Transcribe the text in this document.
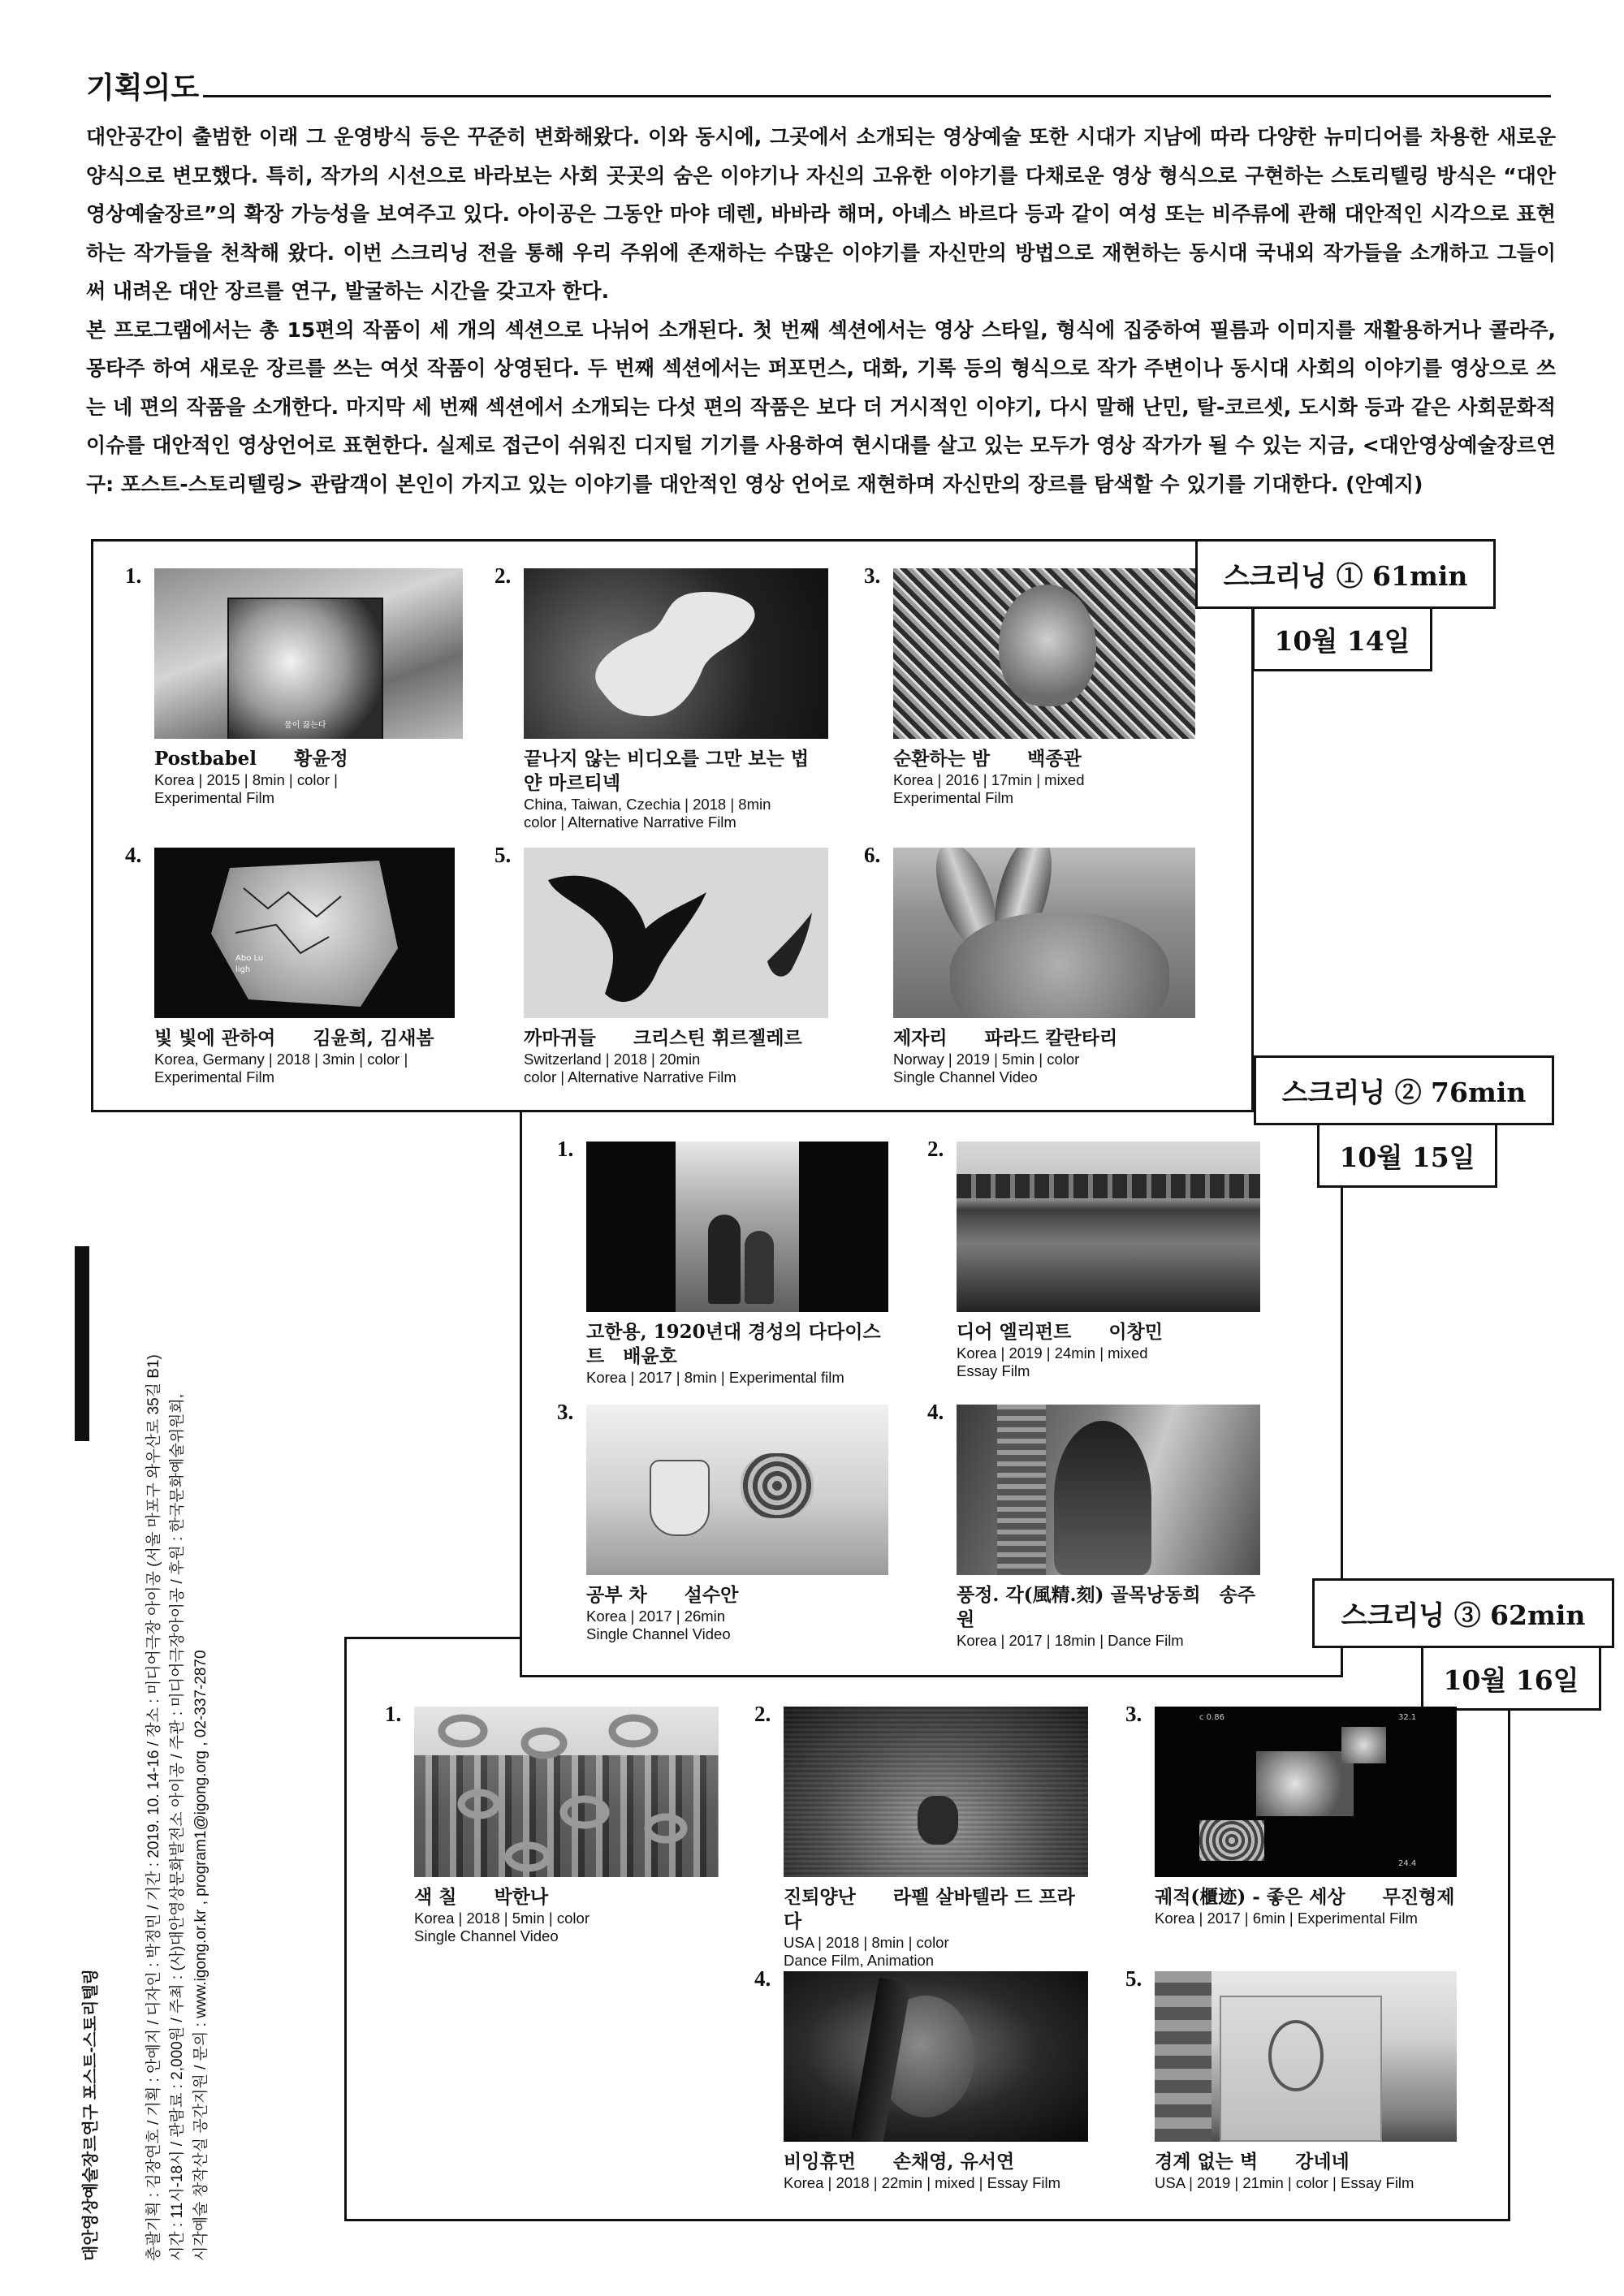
기획의도

대안공간이 출범한 이래 그 운영방식 등은 꾸준히 변화해왔다. 이와 동시에, 그곳에서 소개되는 영상예술 또한 시대가 지남에 따라 다양한 뉴미디어를 차용한 새로운 양식으로 변모했다. 특히, 작가의 시선으로 바라보는 사회 곳곳의 숨은 이야기나 자신의 고유한 이야기를 다채로운 영상 형식으로 구현하는 스토리텔링 방식은 “대안영상예술장르”의 확장 가능성을 보여주고 있다. 아이공은 그동안 마야 데렌, 바바라 해머, 아녜스 바르다 등과 같이 여성 또는 비주류에 관해 대안적인 시각으로 표현하는 작가들을 천착해 왔다. 이번 스크리닝 전을 통해 우리 주위에 존재하는 수많은 이야기를 자신만의 방법으로 재현하는 동시대 국내외 작가들을 소개하고 그들이 써 내려온 대안 장르를 연구, 발굴하는 시간을 갖고자 한다.

본 프로그램에서는 총 15편의 작품이 세 개의 섹션으로 나뉘어 소개된다. 첫 번째 섹션에서는 영상 스타일, 형식에 집중하여 필름과 이미지를 재활용하거나 콜라주, 몽타주 하여 새로운 장르를 쓰는 여섯 작품이 상영된다. 두 번째 섹션에서는 퍼포먼스, 대화, 기록 등의 형식으로 작가 주변이나 동시대 사회의 이야기를 영상으로 쓰는 네 편의 작품을 소개한다. 마지막 세 번째 섹션에서 소개되는 다섯 편의 작품은 보다 더 거시적인 이야기, 다시 말해 난민, 탈-코르셋, 도시화 등과 같은 사회문화적 이슈를 대안적인 영상언어로 표현한다. 실제로 접근이 쉬워진 디지털 기기를 사용하여 현시대를 살고 있는 모두가 영상 작가가 될 수 있는 지금, <대안영상예술장르연구: 포스트-스토리텔링> 관람객이 본인이 가지고 있는 이야기를 대안적인 영상 언어로 재현하며 자신만의 장르를 탐색할 수 있기를 기대한다. (안예지)

스크리닝 ① 61min
10월 14일
스크리닝 ② 76min
10월 15일
스크리닝 ③ 62min
10월 16일
1.
물이 끓는다
Postbabel　　황윤정
Korea | 2015 | 8min | color |
Experimental Film
2.
끝나지 않는 비디오를 그만 보는 법　얀 마르티넥
China, Taiwan, Czechia | 2018 | 8min
color | Alternative Narrative Film
3.
순환하는 밤　　백종관
Korea | 2016 | 17min | mixed
Experimental Film
4.
Abo Lu ligh
빛 빛에 관하여　　김윤희, 김새봄
Korea, Germany | 2018 | 3min | color |
Experimental Film
5.
까마귀들　　크리스틴 휘르젤레르
Switzerland | 2018 | 20min
color | Alternative Narrative Film
6.
제자리　　파라드 칼란타리
Norway | 2019 | 5min | color
Single Channel Video
1.
고한용, 1920년대 경성의 다다이스트　배윤호
Korea | 2017 | 8min | Experimental film
2.
디어 엘리펀트　　이창민
Korea | 2019 | 24min | mixed
Essay Film
3.
공부 차　　설수안
Korea | 2017 | 26min
Single Channel Video
4.
풍정. 각(風精.刻) 골목낭동희　송주원
Korea | 2017 | 18min | Dance Film
1.
색 칠　　박한나
Korea | 2018 | 5min | color
Single Channel Video
2.
진퇴양난　　라펠 살바텔라 드 프라다
USA | 2018 | 8min | color
Dance Film, Animation
3.	c 0.86	32.1
24.4
궤적(櫃迹) - 좋은 세상　　무진형제
Korea | 2017 | 6min | Experimental Film
4.
비잉휴먼　　손채영, 유서연
Korea | 2018 | 22min | mixed | Essay Film
5.
경계 없는 벽　　강네네
USA | 2019 | 21min | color | Essay Film
대안영상예술장르연구 포스트-스토리텔링	총괄기획 : 김장연호 / 기획 : 안예지 / 디자인 : 박정민 / 기간 : 2019. 10. 14-16 / 장소 : 미디어극장 아이공 (서울 마포구 와우산로 35길 B1) 시간 : 11시-18시 / 관람료 : 2,000원 / 주최 : (사)대안영상문화발전소 아이공 / 주관 : 미디어극장아이공 / 후원 : 한국문화예술위원회, 시각예술 창작산실 공간지원 / 문의 : www.igong.or.kr , program1@igong.org , 02-337-2870
